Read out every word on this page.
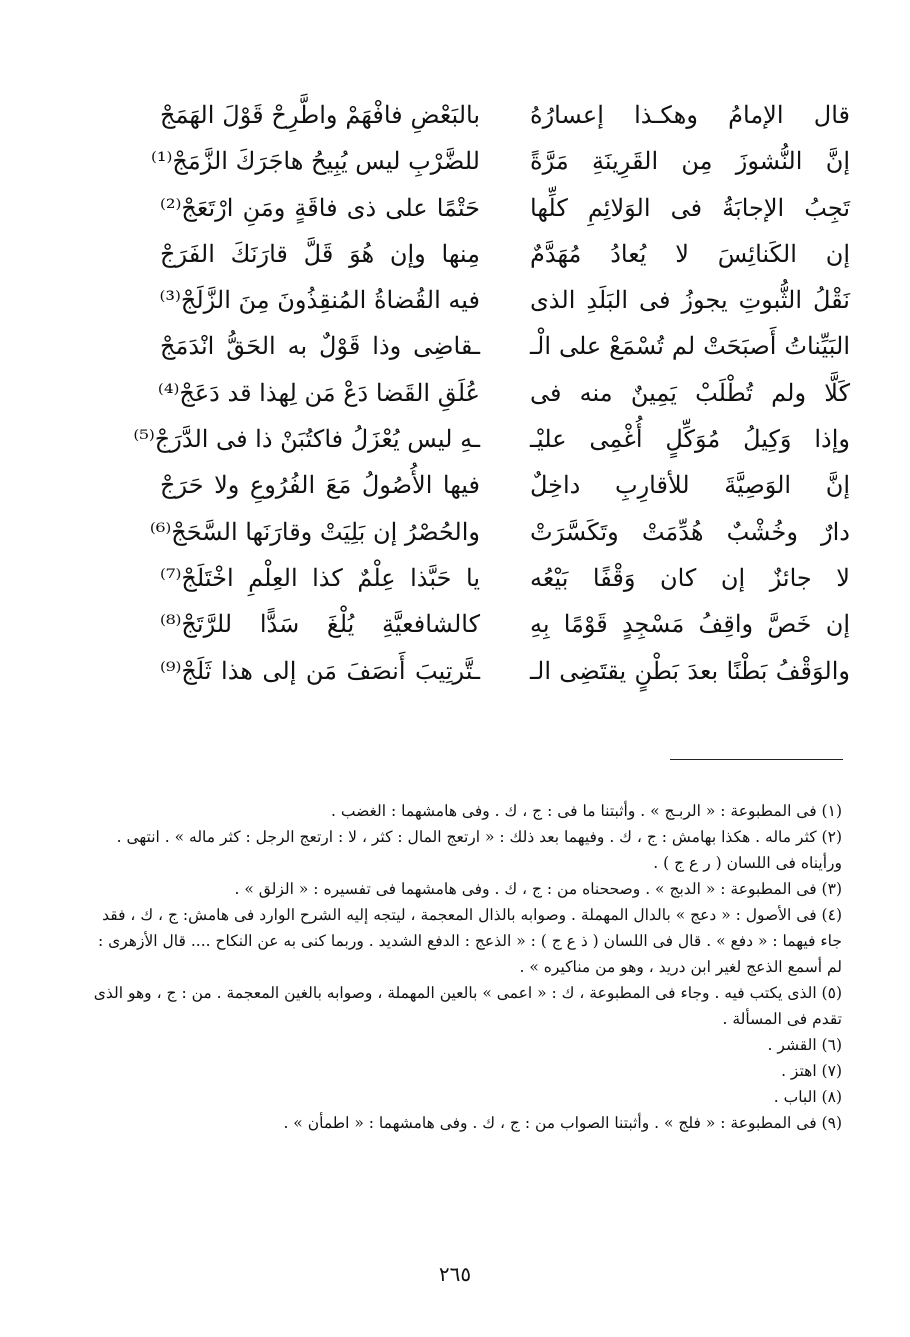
قال الإمامُ وهكـذا إعسارُهُ
بالبَعْضِ فافْهَمْ واطَّرِحْ قَوْلَ الهَمَجْ
إنَّ النُّشوزَ مِن القَرِينَةِ مَرَّةً
للضَّرْبِ ليس يُبِيحُ هاجَرَكَ الزَّمَجْ⁽¹⁾
تَجِبُ الإجابَةُ فى الوَلائِمِ كلِّها
حَتْمًا على ذى فاقَةٍ ومَنِ ارْتَعَجْ⁽²⁾
إن الكَنائِسَ لا يُعادُ مُهَدَّمٌ
مِنها وإن هُوَ قَلَّ قارَنَكَ الفَرَجْ
نَقْلُ الثُّبوتِ يجوزُ فى البَلَدِ الذى
فيه القُضاةُ المُنقِذُونَ مِنَ الزَّلَجْ⁽³⁾
البَيِّناتُ أَصبَحَتْ لم تُسْمَعْ على الْـ
ـقاضِى وذا قَوْلٌ به الحَقُّ انْدَمَجْ
كَلَّا ولم تُطْلَبْ يَمِينٌ منه فى
عُلَقِ القَضا دَعْ مَن لِهذا قد دَعَجْ⁽⁴⁾
وإذا وَكِيلُ مُوَكِّلٍ أُغْمِى عليْـ
ـهِ ليس يُعْزَلُ فاكتُبَنْ ذا فى الدَّرَجْ⁽⁵⁾
إنَّ الوَصِيَّةَ للأقارِبِ داخِلٌ
فيها الأُصُولُ مَعَ الفُرُوعِ ولا حَرَجْ
دارٌ وخُشْبٌ هُدِّمَتْ وتَكَسَّرَتْ
والحُصْرُ إن بَلِيَتْ وقارَنَها السَّحَجْ⁽⁶⁾
لا جائزٌ إن كان وَقْفًا بَيْعُه
يا حَبَّذا عِلْمٌ كذا العِلْمِ اخْتَلَجْ⁽⁷⁾
إن خَصَّ واقِفُ مَسْجِدٍ قَوْمًا بِهِ
كالشافعيَّةِ يُلْغَ سَدًّا للرَّتَجْ⁽⁸⁾
والوَقْفُ بَطْنًا بعدَ بَطْنٍ يقتَضِى الـ
ـتَّرتِيبَ أَنصَفَ مَن إلى هذا ثَلَجْ⁽⁹⁾

(١) فى المطبوعة : « الربـج » . وأثبتنا ما فى : ج ، ك . وفى هامشهما : الغضب .

(٢) كثر ماله . هكذا بهامش : ج ، ك . وفيهما بعد ذلك : « ارتعج المال : كثر ، لا : ارتعج الرجل : كثر ماله » . انتهى . ورأيناه فى اللسان ( ر ع ج ) .

(٣) فى المطبوعة : « الدبج » . وصححناه من : ج ، ك . وفى هامشهما فى تفسيره : « الزلق » .

(٤) فى الأصول : « دعج » بالدال المهملة . وصوابه بالذال المعجمة ، ليتجه إليه الشرح الوارد فى هامش: ج ، ك ، فقد جاء فيهما : « دفع » . قال فى اللسان ( ذ ع ج ) : « الذعج : الدفع الشديد . وربما كنى به عن النكاح .... قال الأزهرى : لم أسمع الذعج لغير ابن دريد ، وهو من مناكيره » .

(٥) الذى يكتب فيه . وجاء فى المطبوعة ، ك : « اعمى » بالعين المهملة ، وصوابه بالغين المعجمة . من : ج ، وهو الذى تقدم فى المسألة .

(٦) القشر .

(٧) اهتز .

(٨) الباب .

(٩) فى المطبوعة : « فلج » . وأثبتنا الصواب من : ج ، ك . وفى هامشهما : « اطمأن » .

٢٦٥
